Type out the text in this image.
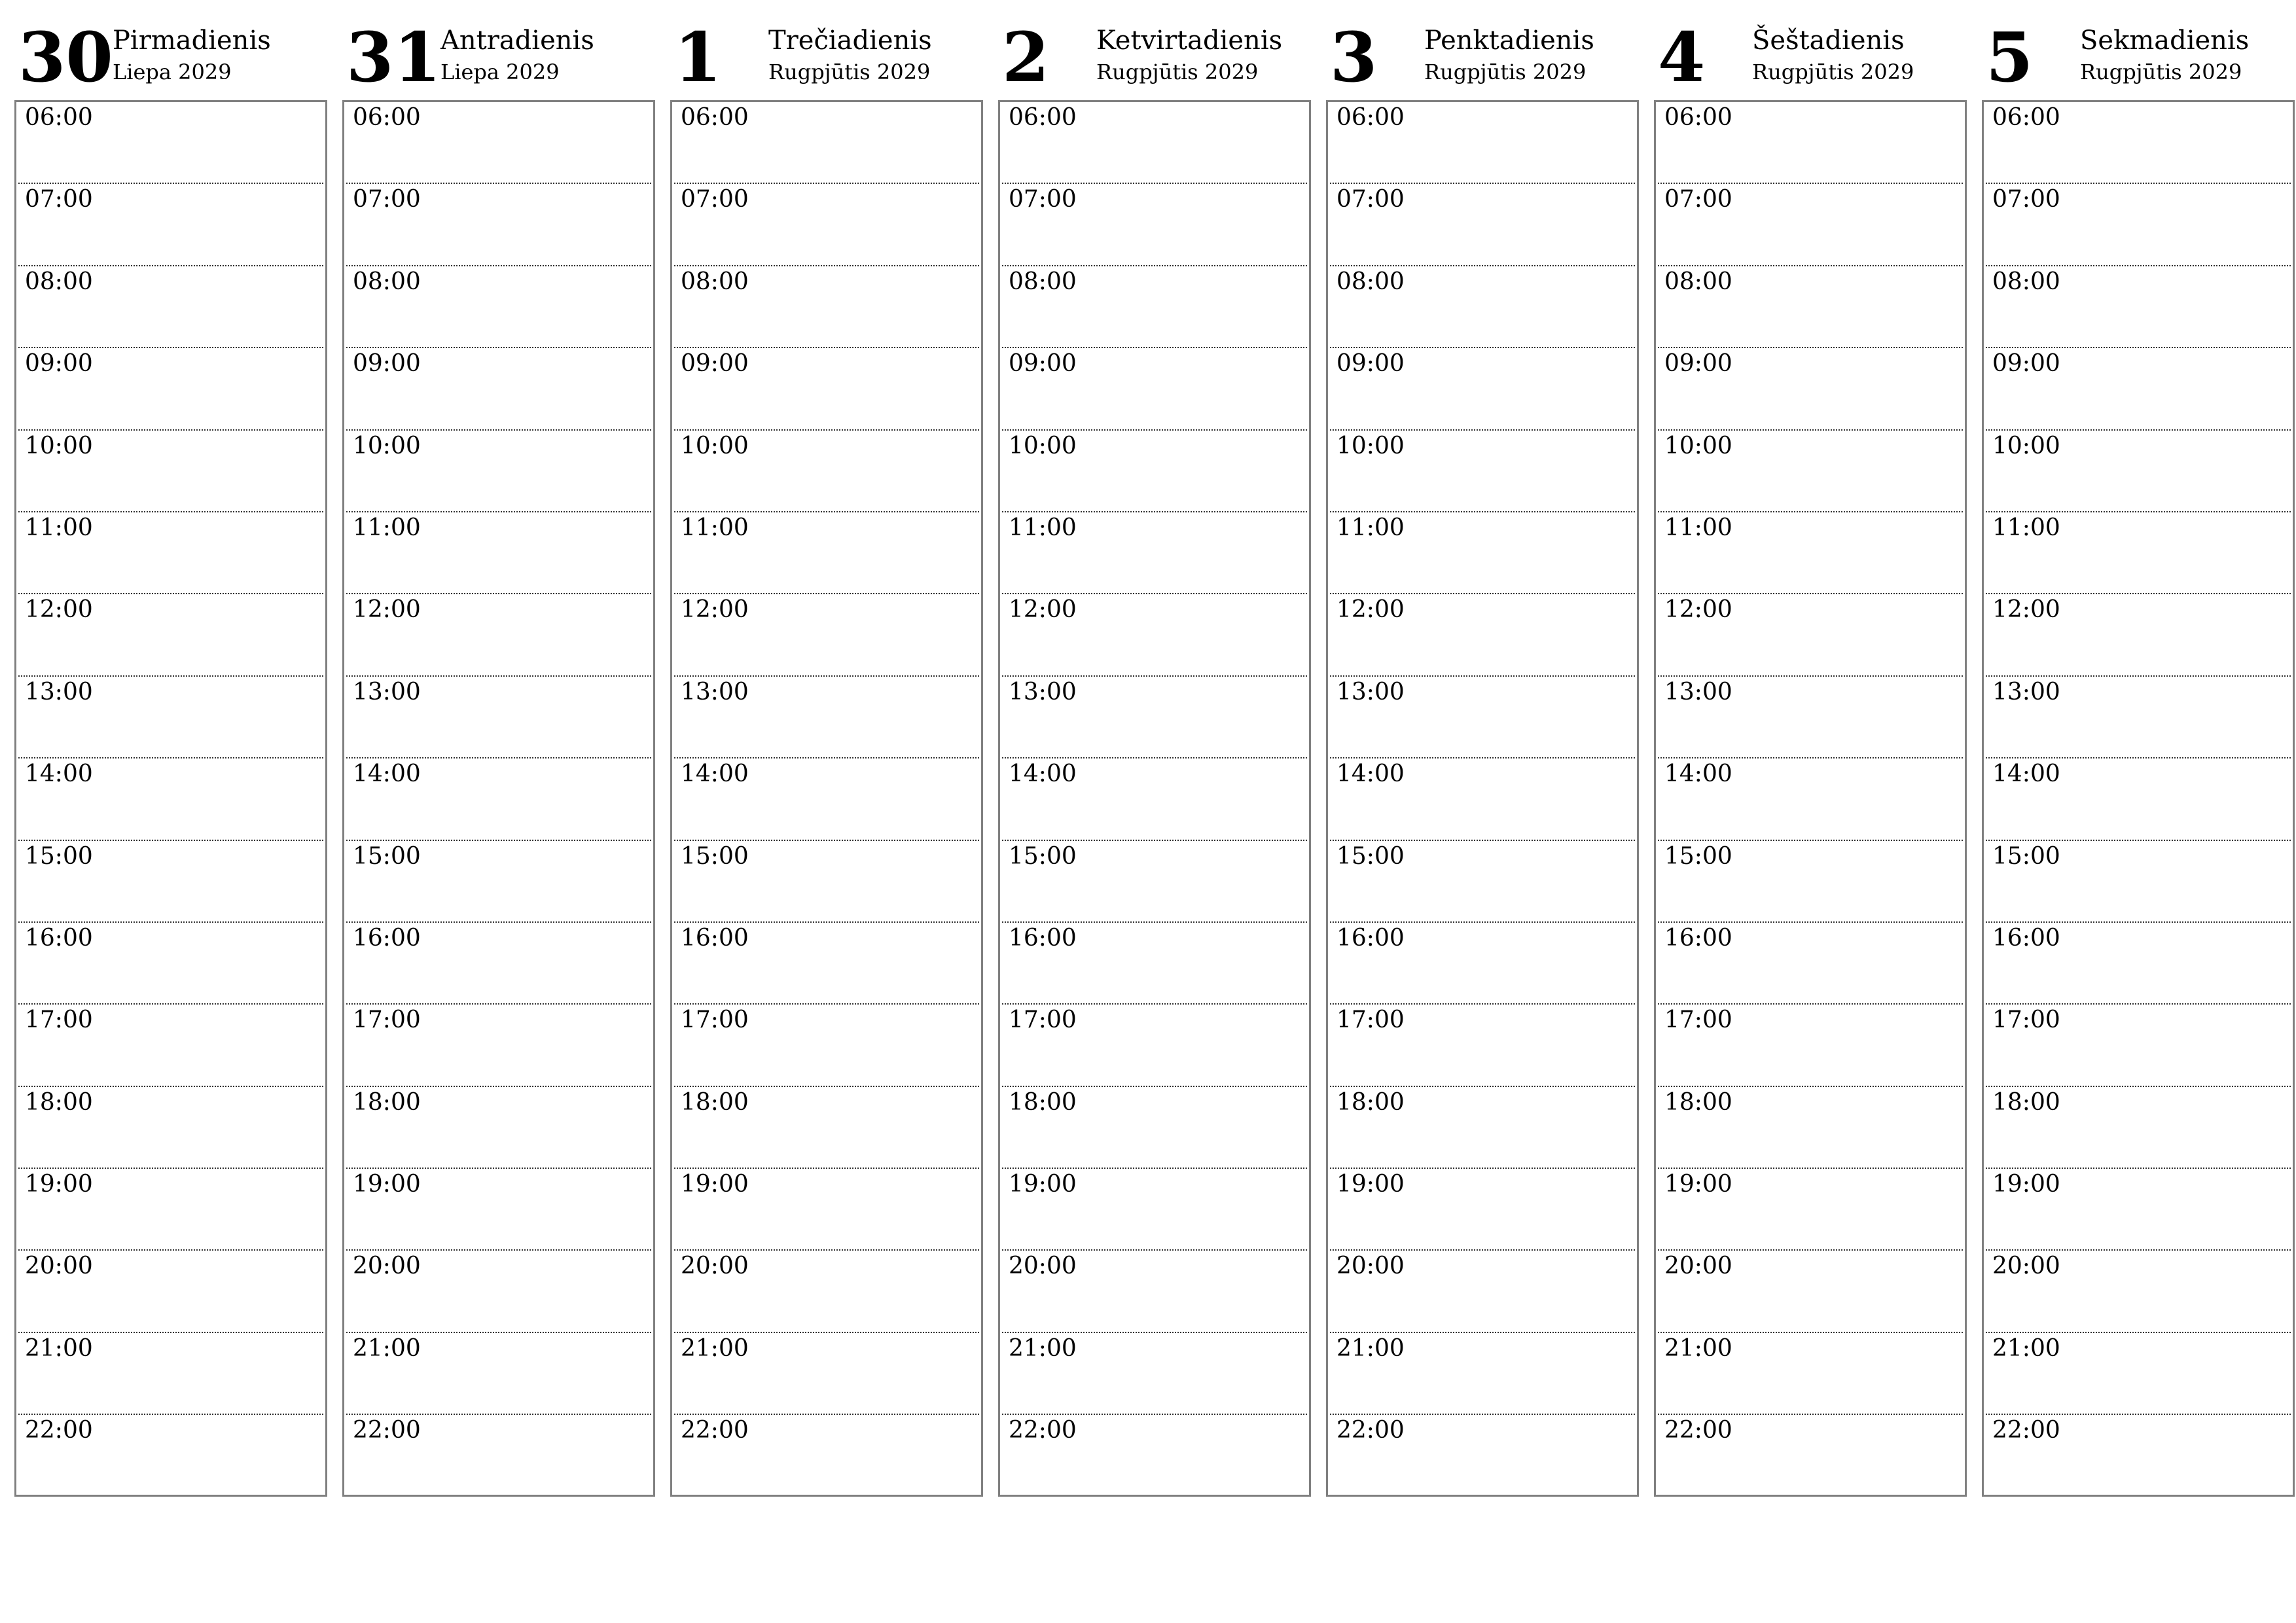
30 Pirmadienis
Liepa 2029
06:00
07:00
08:00
09:00
10:00
11:00
12:00
13:00
14:00
15:00
16:00
17:00
18:00
19:00
20:00
21:00
22:00
31 Antradienis
Liepa 2029
06:00
07:00
08:00
09:00
10:00
11:00
12:00
13:00
14:00
15:00
16:00
17:00
18:00
19:00
20:00
21:00
22:00
1	Trečiadienis
Rugpjūtis 2029
06:00
07:00
08:00
09:00
10:00
11:00
12:00
13:00
14:00
15:00
16:00
17:00
18:00
19:00
20:00
21:00
22:00
2	Ketvirtadienis
Rugpjūtis 2029
06:00
07:00
08:00
09:00
10:00
11:00
12:00
13:00
14:00
15:00
16:00
17:00
18:00
19:00
20:00
21:00
22:00
3	Penktadienis
Rugpjūtis 2029
06:00
07:00
08:00
09:00
10:00
11:00
12:00
13:00
14:00
15:00
16:00
17:00
18:00
19:00
20:00
21:00
22:00
4	Šeštadienis
Rugpjūtis 2029
06:00
07:00
08:00
09:00
10:00
11:00
12:00
13:00
14:00
15:00
16:00
17:00
18:00
19:00
20:00
21:00
22:00
5	Sekmadienis
Rugpjūtis 2029
06:00
07:00
08:00
09:00
10:00
11:00
12:00
13:00
14:00
15:00
16:00
17:00
18:00
19:00
20:00
21:00
22:00
